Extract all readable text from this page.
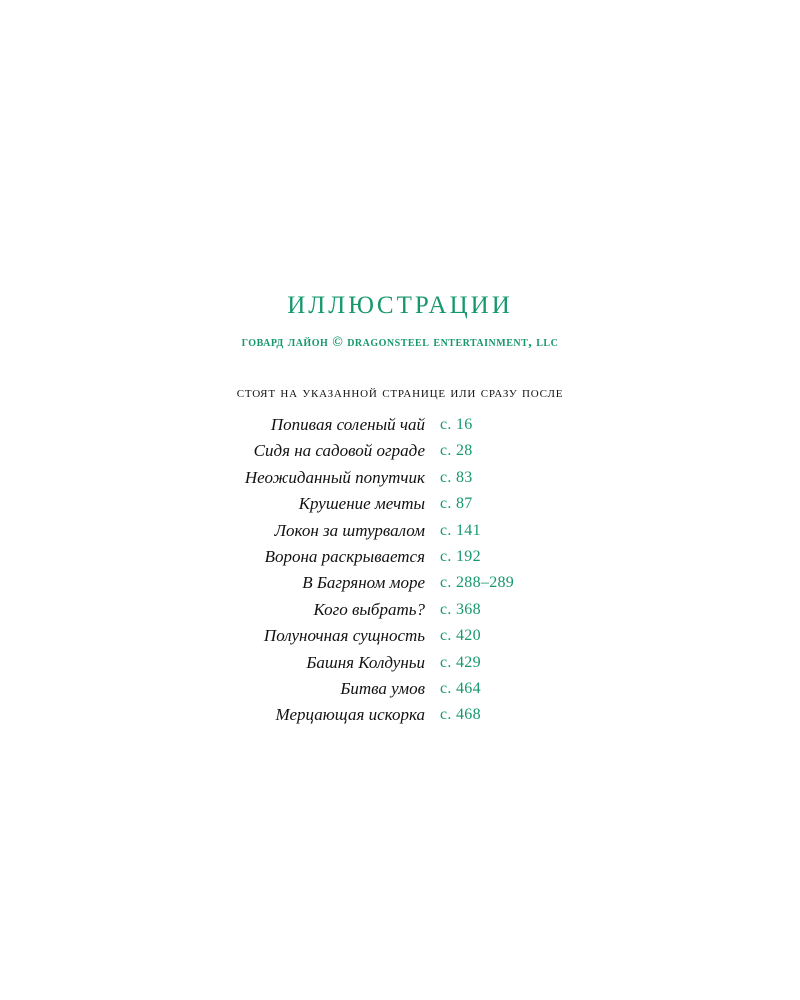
иллюстрации
говард лайон © dragonsteel entertainment, llc
стоят на указанной странице или сразу после
Попивая соленый чай с. 16
Сидя на садовой ограде с. 28
Неожиданный попутчик с. 83
Крушение мечты с. 87
Локон за штурвалом с. 141
Ворона раскрывается с. 192
В Багряном море с. 288–289
Кого выбрать? с. 368
Полуночная сущность с. 420
Башня Колдуньи с. 429
Битва умов с. 464
Мерцающая искорка с. 468
